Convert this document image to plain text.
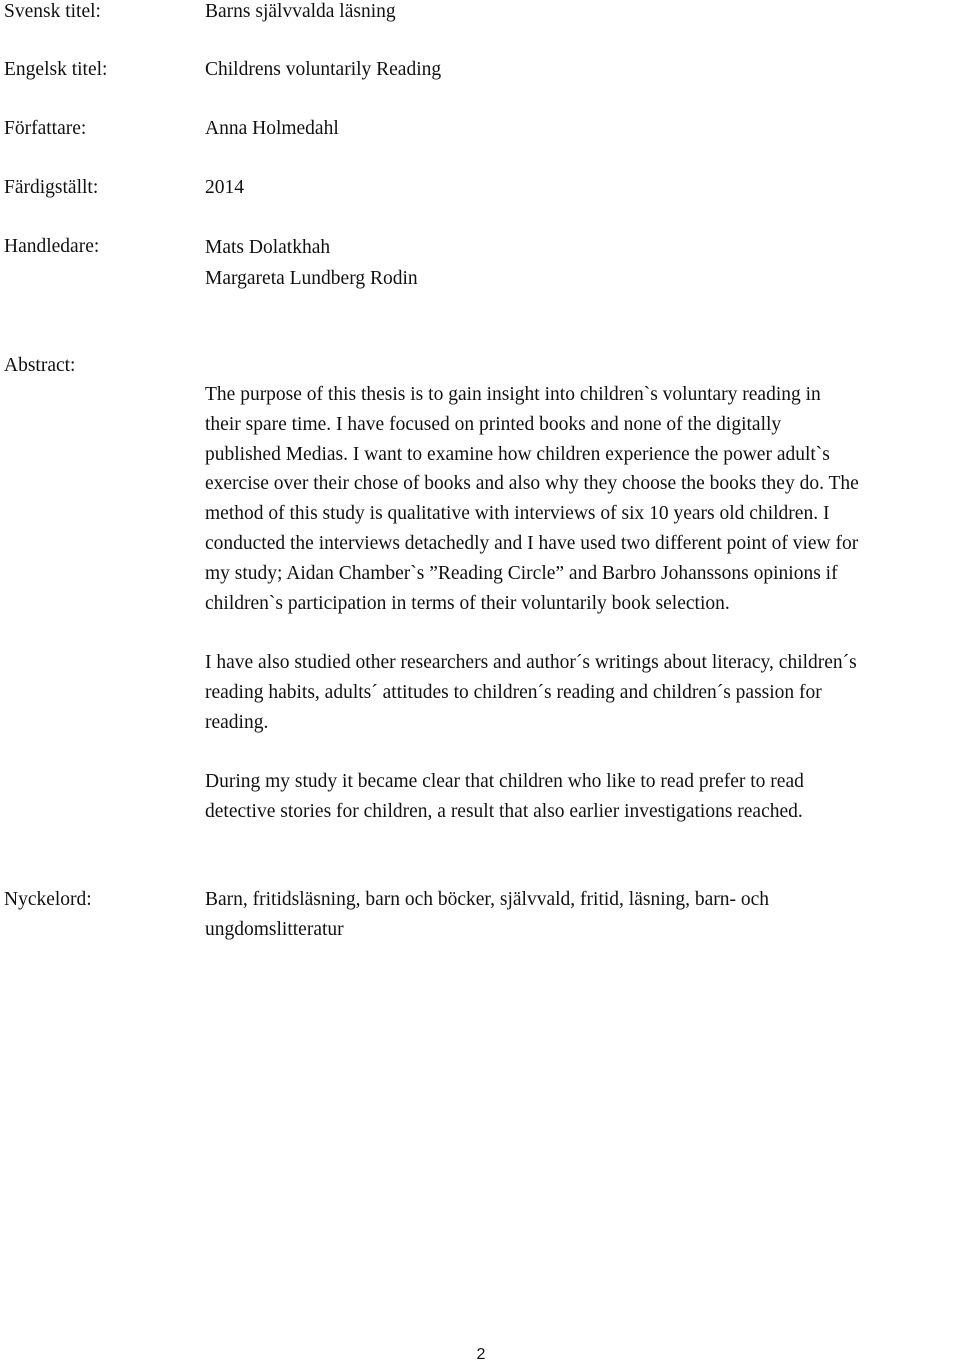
Svensk titel:	Barns självvalda läsning
Engelsk titel:	Childrens voluntarily Reading
Författare:	Anna Holmedahl
Färdigställt:	2014
Handledare:	Mats Dolatkhah
Margareta Lundberg Rodin
Abstract:

The purpose of this thesis is to gain insight into children`s voluntary reading in
their spare time. I have focused on printed books and none of the digitally
published Medias. I want to examine how children experience the power adult`s
exercise over their chose of books and also why they choose the books they do. The
method of this study is qualitative with interviews of six 10 years old children. I
conducted the interviews detachedly and I have used two different point of view for
my study; Aidan Chamber`s ”Reading Circle” and Barbro Johanssons opinions if
children`s participation in terms of their voluntarily book selection.

I have also studied other researchers and author´s writings about literacy, children´s
reading habits, adults´ attitudes to children´s reading and children´s passion for
reading.

During my study it became clear that children who like to read prefer to read
detective stories for children, a result that also earlier investigations reached.

Nyckelord:	Barn, fritidsläsning, barn och böcker, självvald, fritid, läsning, barn- och
ungdomslitteratur
2
